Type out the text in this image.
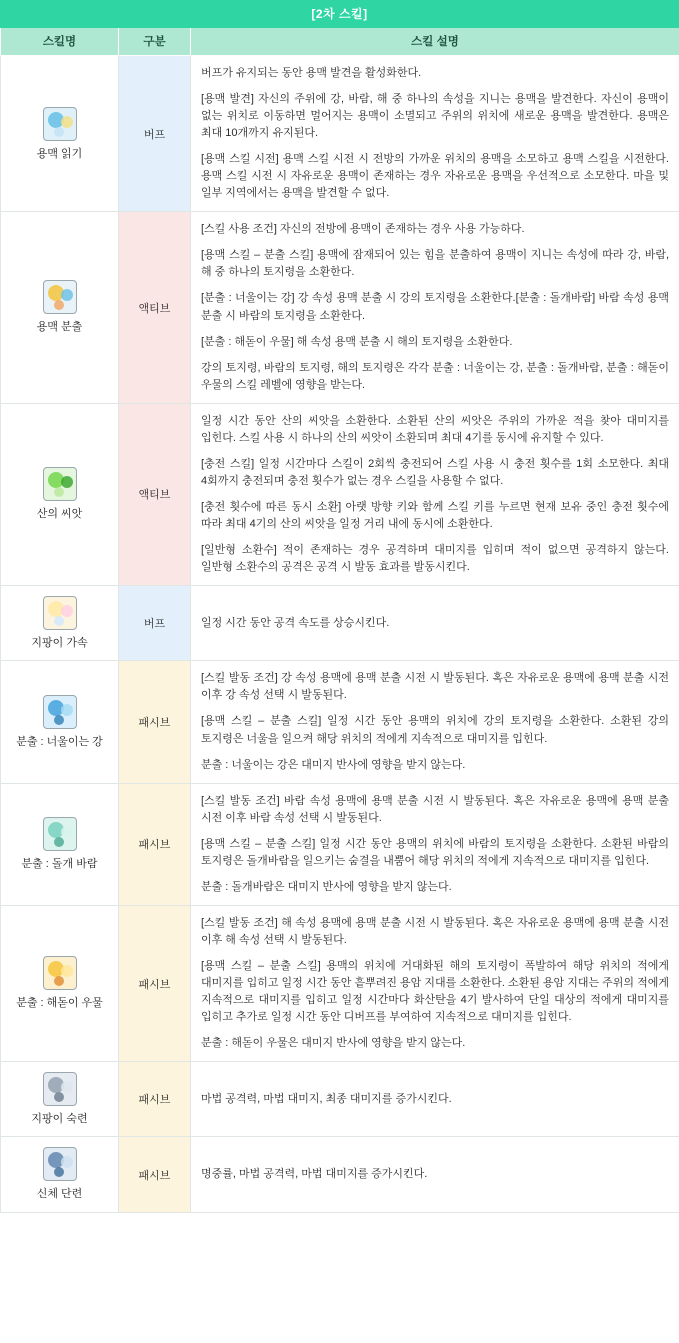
[2차 스킬]
스킬명	구분	스킬 설명

용맥 읽기	버프	버프가 유지되는 동안 용맥 발견을 활성화한다.

[용맥 발견] 자신의 주위에 강, 바람, 해 중 하나의 속성을 지니는 용맥을 발견한다. 자신이 용맥이 없는 위치로 이동하면 멀어지는 용맥이 소멸되고 주위의 위치에 새로운 용맥을 발견한다. 용맥은 최대 10개까지 유지된다.

[용맥 스킬 시전] 용맥 스킬 시전 시 전방의 가까운 위치의 용맥을 소모하고 용맥 스킬을 시전한다. 용맥 스킬 시전 시 자유로운 용맥이 존재하는 경우 자유로운 용맥을 우선적으로 소모한다. 마을 및 일부 지역에서는 용맥을 발견할 수 없다.

용맥 분출	액티브	[스킬 사용 조건] 자신의 전방에 용맥이 존재하는 경우 사용 가능하다.

[용맥 스킬 – 분출 스킬] 용맥에 잠재되어 있는 힘을 분출하여 용맥이 지니는 속성에 따라 강, 바람, 해 중 하나의 토지령을 소환한다.

[분출 : 너울이는 강] 강 속성 용맥 분출 시 강의 토지령을 소환한다.[분출 : 돌개바람] 바람 속성 용맥 분출 시 바람의 토지령을 소환한다.

[분출 : 해돋이 우물] 해 속성 용맥 분출 시 해의 토지령을 소환한다.

강의 토지령, 바람의 토지령, 해의 토지령은 각각 분출 : 너울이는 강, 분출 : 돌개바람, 분출 : 해돋이 우물의 스킬 레벨에 영향을 받는다.

산의 씨앗	액티브	일정 시간 동안 산의 씨앗을 소환한다. 소환된 산의 씨앗은 주위의 가까운 적을 찾아 대미지를 입힌다. 스킬 사용 시 하나의 산의 씨앗이 소환되며 최대 4기를 동시에 유지할 수 있다.

[충전 스킬] 일정 시간마다 스킬이 2회씩 충전되어 스킬 사용 시 충전 횟수를 1회 소모한다. 최대 4회까지 충전되며 충전 횟수가 없는 경우 스킬을 사용할 수 없다.

[충전 횟수에 따른 동시 소환] 아랫 방향 키와 함께 스킬 키를 누르면 현재 보유 중인 충전 횟수에 따라 최대 4기의 산의 씨앗을 일정 거리 내에 동시에 소환한다.

[일반형 소환수] 적이 존재하는 경우 공격하며 대미지를 입히며 적이 없으면 공격하지 않는다. 일반형 소환수의 공격은 공격 시 발동 효과를 발동시킨다.

지팡이 가속	버프	일정 시간 동안 공격 속도를 상승시킨다.

분출 : 너울이는 강	패시브	[스킬 발동 조건] 강 속성 용맥에 용맥 분출 시전 시 발동된다. 혹은 자유로운 용맥에 용맥 분출 시전 이후 강 속성 선택 시 발동된다.

[용맥 스킬 – 분출 스킬] 일정 시간 동안 용맥의 위치에 강의 토지령을 소환한다. 소환된 강의 토지령은 너울을 일으켜 해당 위치의 적에게 지속적으로 대미지를 입힌다.

분출 : 너울이는 강은 대미지 반사에 영향을 받지 않는다.

분출 : 돌개 바람	패시브	[스킬 발동 조건] 바람 속성 용맥에 용맥 분출 시전 시 발동된다. 혹은 자유로운 용맥에 용맥 분출 시전 이후 바람 속성 선택 시 발동된다.

[용맥 스킬 – 분출 스킬] 일정 시간 동안 용맥의 위치에 바람의 토지령을 소환한다. 소환된 바람의 토지령은 돌개바람을 일으키는 숨결을 내뿜어 해당 위치의 적에게 지속적으로 대미지를 입힌다.

분출 : 돌개바람은 대미지 반사에 영향을 받지 않는다.

분출 : 해돋이 우물	패시브	[스킬 발동 조건] 해 속성 용맥에 용맥 분출 시전 시 발동된다. 혹은 자유로운 용맥에 용맥 분출 시전 이후 해 속성 선택 시 발동된다.

[용맥 스킬 – 분출 스킬] 용맥의 위치에 거대화된 해의 토지령이 폭발하여 해당 위치의 적에게 대미지를 입히고 일정 시간 동안 흩뿌려진 용암 지대를 소환한다. 소환된 용암 지대는 주위의 적에게 지속적으로 대미지를 입히고 일정 시간마다 화산탄을 4기 발사하여 단일 대상의 적에게 대미지를 입히고 추가로 일정 시간 동안 디버프를 부여하여 지속적으로 대미지를 입힌다.

분출 : 해돋이 우물은 대미지 반사에 영향을 받지 않는다.

지팡이 숙련	패시브	마법 공격력, 마법 대미지, 최종 대미지를 증가시킨다.

신체 단련	패시브	명중률, 마법 공격력, 마법 대미지를 증가시킨다.
